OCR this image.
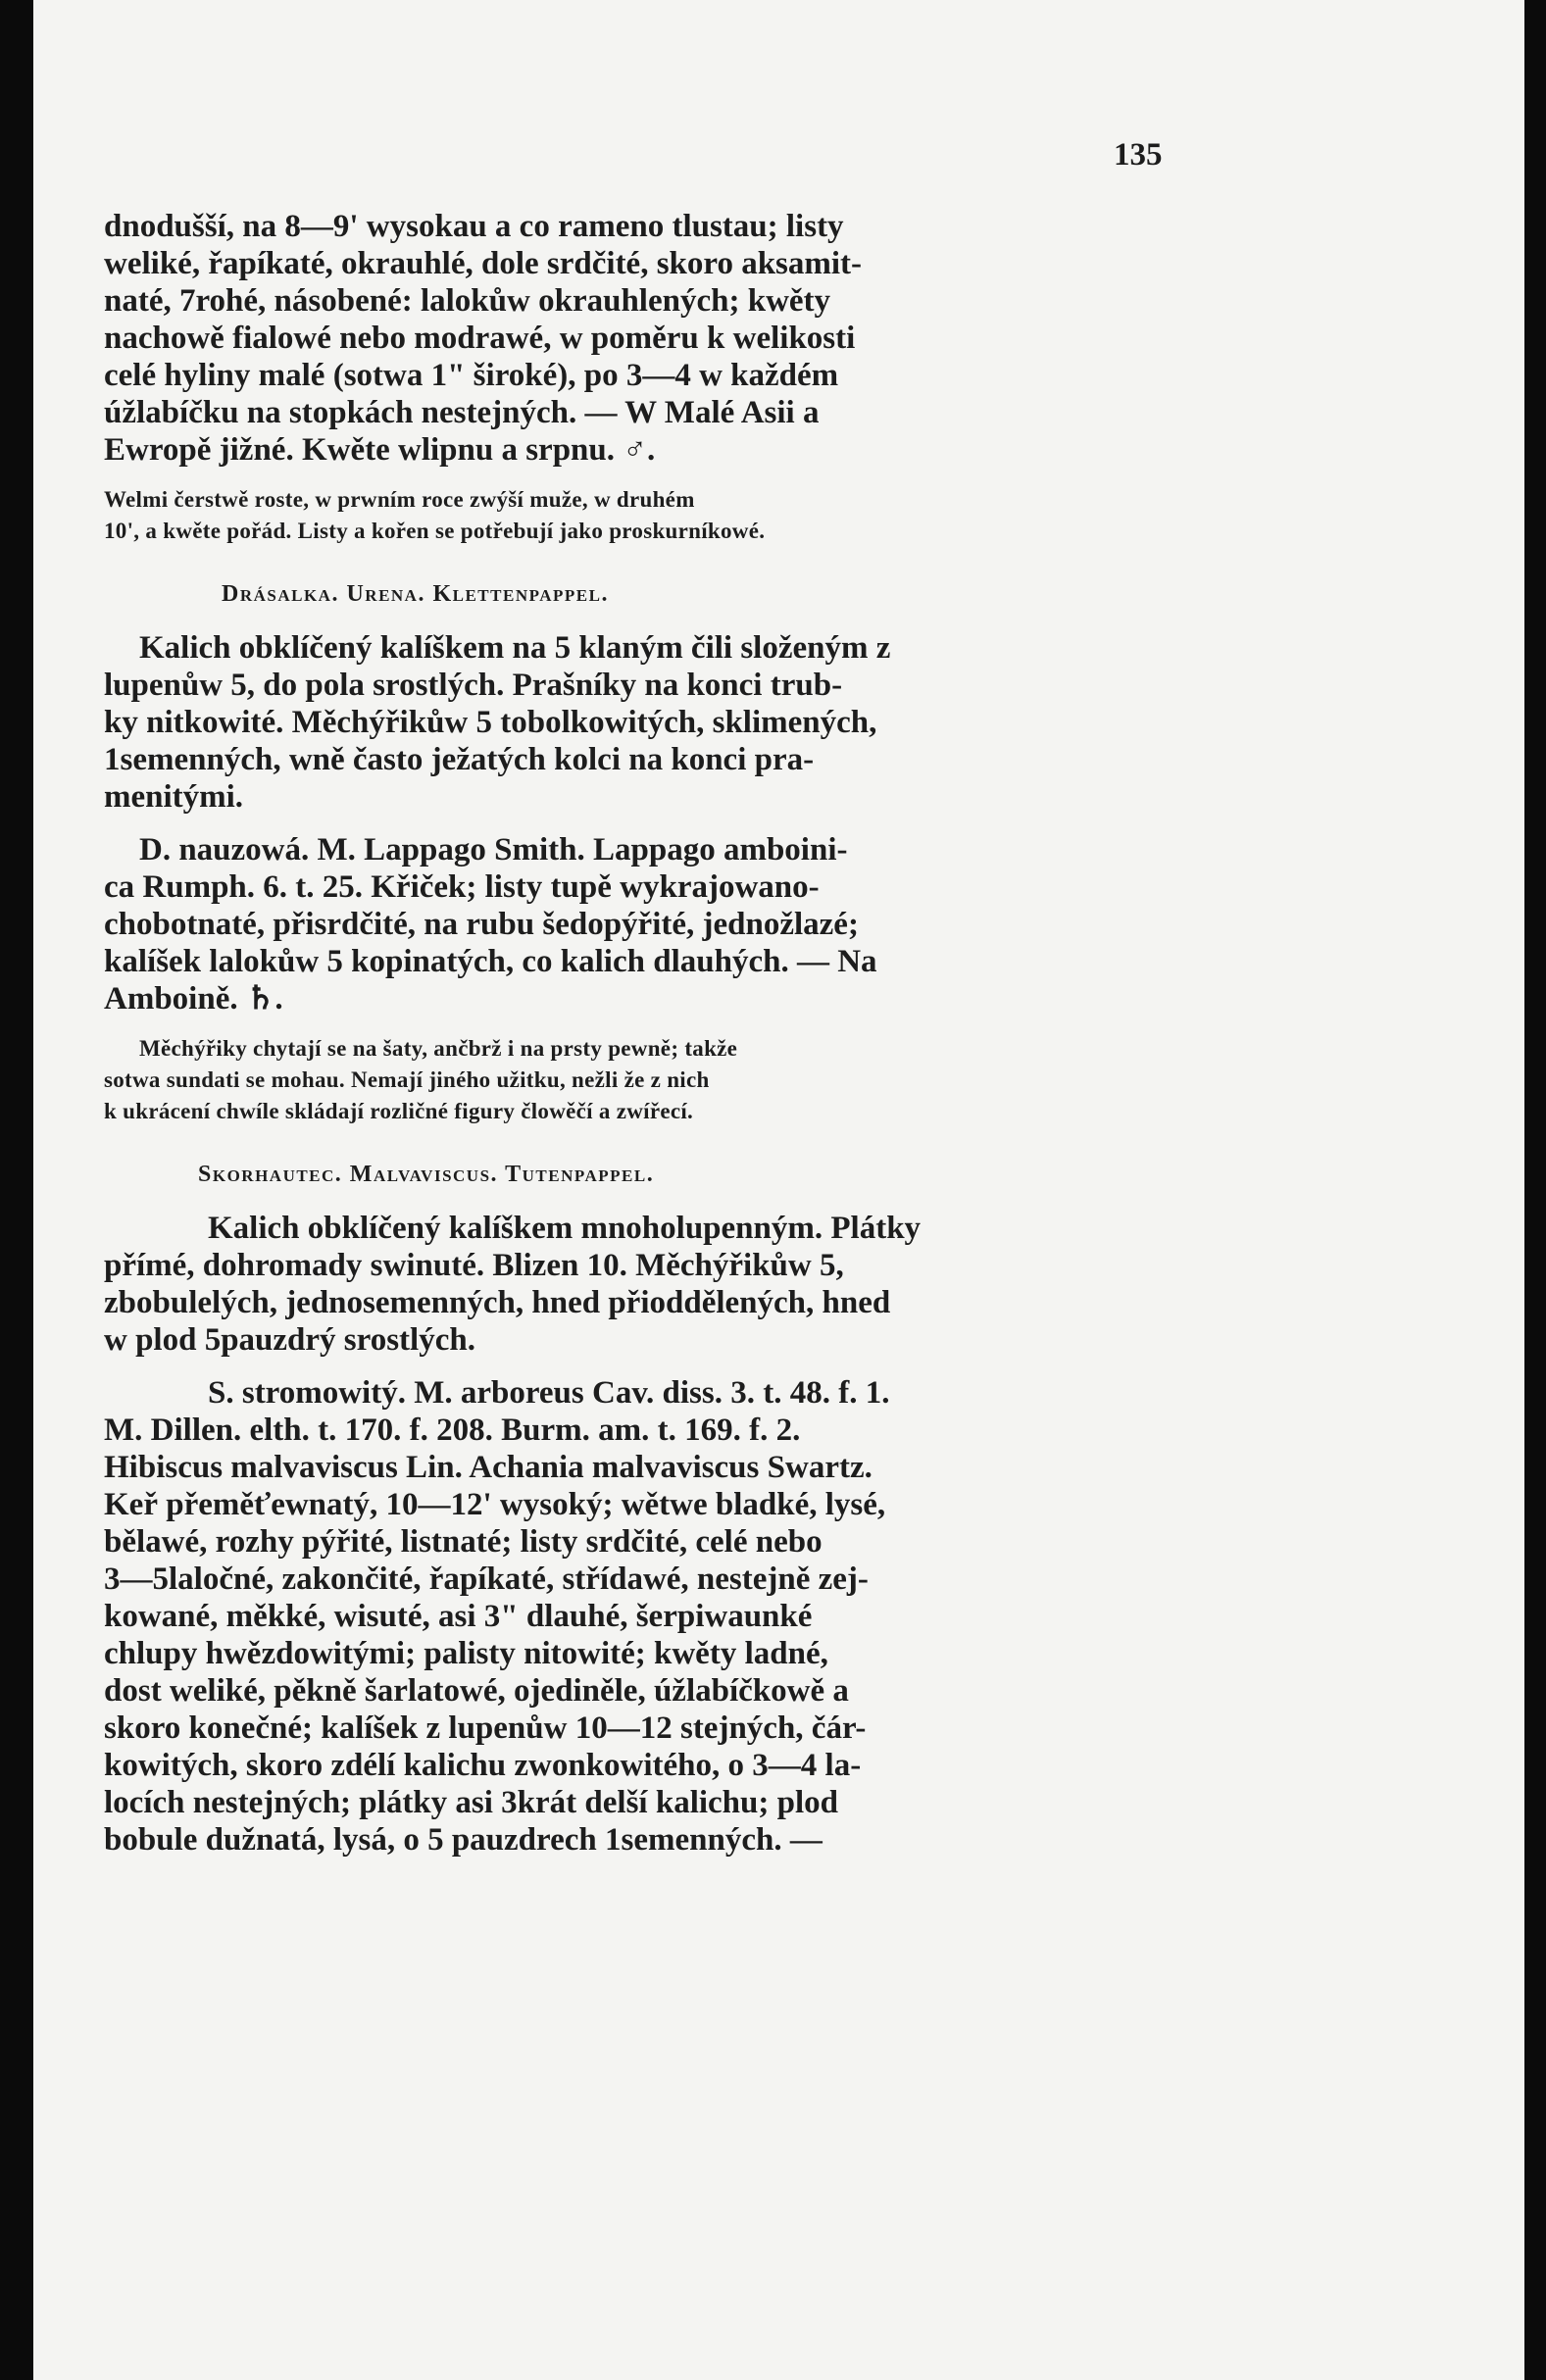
135
dnodušší, na 8—9' wysokau a co rameno tlustau; listy
weliké, řapíkaté, okrauhlé, dole srdčité, skoro aksamit-
naté, 7rohé, násobené: lalokůw okrauhlených; kwěty
nachowě fialowé nebo modrawé, w poměru k welikosti
celé hyliny malé (sotwa 1" široké), po 3—4 w každém
úžlabíčku na stopkách nestejných. — W Malé Asii a
Ewropě jižné. Kwěte wlipnu a srpnu. ♂.
Welmi čerstwě roste, w prwním roce zwýší muže, w druhém
10', a kwěte pořád. Listy a kořen se potřebují jako proskurníkowé.
Drásalka. Urena. Klettenpappel.
Kalich obklíčený kalíškem na 5 klaným čili složeným z
lupenůw 5, do pola srostlých. Prašníky na konci trub-
ky nitkowité. Měchýřikůw 5 tobolkowitých, sklimených,
1semenných, wně často ježatých kolci na konci pra-
menitými.
D. nauzowá. M. Lappago Smith. Lappago amboini-
ca Rumph. 6. t. 25. Křiček; listy tupě wykrajowano-
chobotnaté, přisrdčité, na rubu šedopýřité, jednožlazé;
kalíšek lalokůw 5 kopinatých, co kalich dlauhých. — Na
Amboině. ♄.
Měchýřiky chytají se na šaty, ančbrž i na prsty pewně; takže
sotwa sundati se mohau. Nemají jiného užitku, nežli že z nich
k ukrácení chwíle skládají rozličné figury člowěčí a zwířecí.
Skorhautec. Malvaviscus. Tutenpappel.
Kalich obklíčený kalíškem mnoholupenným. Plátky
přímé, dohromady swinuté. Blizen 10. Měchýřikůw 5,
zbobulelých, jednosemenných, hned přioddělených, hned
w plod 5pauzdrý srostlých.
S. stromowitý. M. arboreus Cav. diss. 3. t. 48. f. 1.
M. Dillen. elth. t. 170. f. 208. Burm. am. t. 169. f. 2.
Hibiscus malvaviscus Lin. Achania malvaviscus Swartz.
Keř přeměťewnatý, 10—12' wysoký; wětwe bladké, lysé,
bělawé, rozhy pýřité, listnaté; listy srdčité, celé nebo
3—5laločné, zakončité, řapíkaté, střídawé, nestejně zej-
kowané, měkké, wisuté, asi 3" dlauhé, šerpiwaunké
chlupy hwězdowitými; palisty nitowité; kwěty ladné,
dost weliké, pěkně šarlatowé, ojediněle, úžlabíčkowě a
skoro konečné; kalíšek z lupenůw 10—12 stejných, čár-
kowitých, skoro zdélí kalichu zwonkowitého, o 3—4 la-
locích nestejných; plátky asi 3krát delší kalichu; plod
bobule dužnatá, lysá, o 5 pauzdrech 1semenných. —
